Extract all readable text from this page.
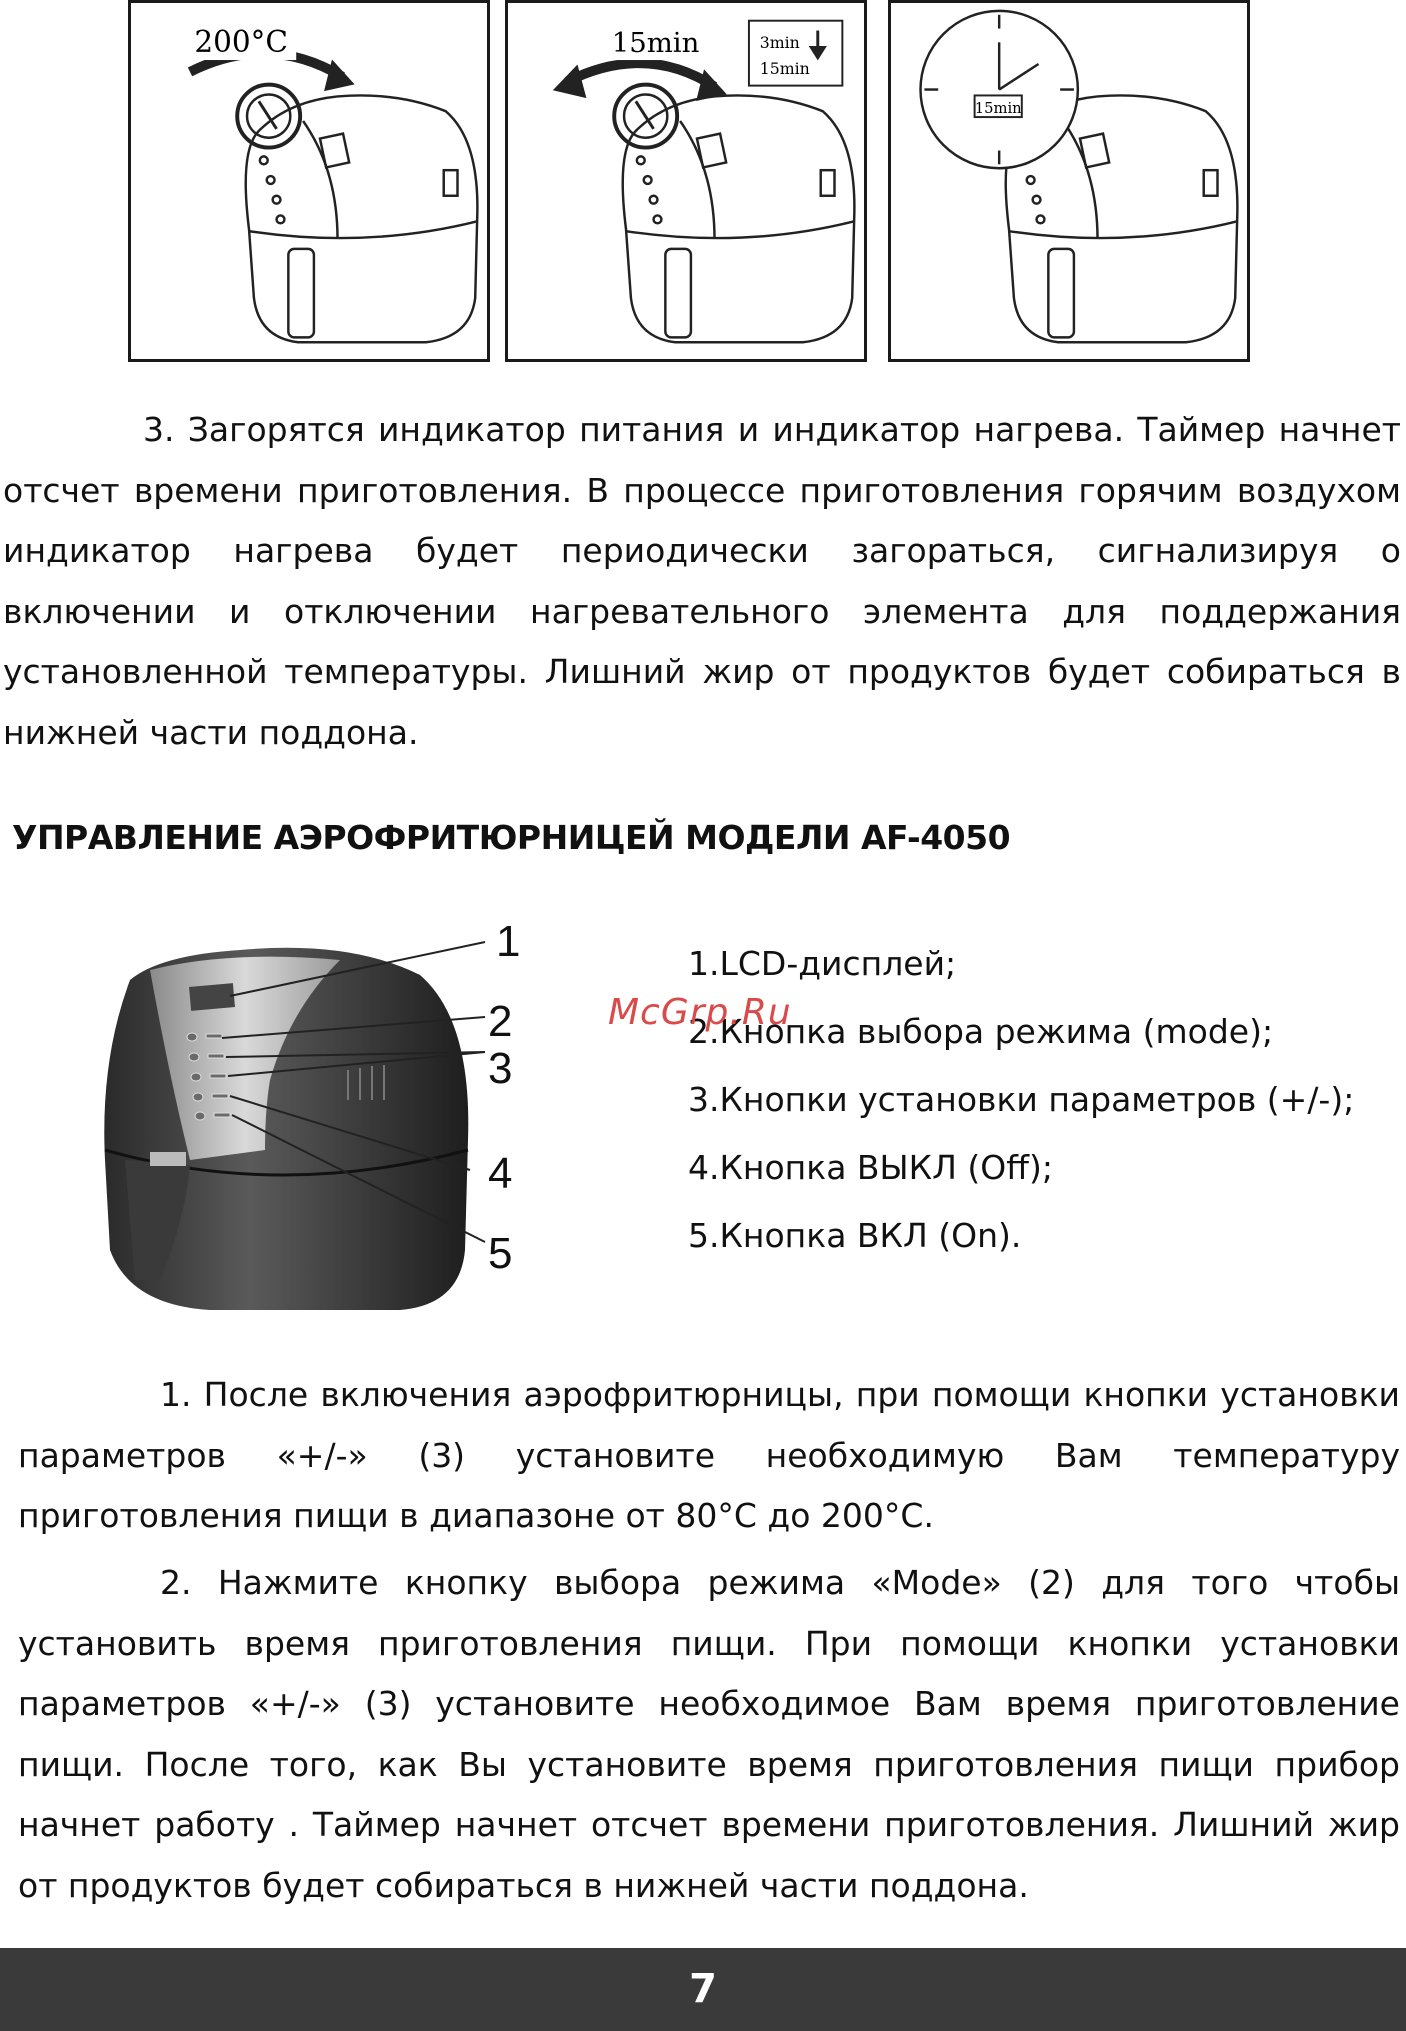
200°C	15min	3min
15min
15min

3. Загорятся индикатор питания и индикатор нагрева. Таймер начнет отсчет времени приготовления. В процессе приготовления горячим воздухом индикатор нагрева будет периодически загораться, сигнализируя о включении и отключении нагревательного элемента для поддержания установленной температуры. Лишний жир от продуктов будет собираться в нижней части поддона.

УПРАВЛЕНИЕ АЭРОФРИТЮРНИЦЕЙ МОДЕЛИ AF-4050
1
2
3
4
5
1.LCD-дисплей;
2.Кнопка выбора режима (mode);
3.Кнопки установки параметров (+/-);
4.Кнопка ВЫКЛ (Off);
5.Кнопка ВКЛ (On).
McGrp.Ru

1. После включения аэрофритюрницы, при помощи кнопки установки параметров «+/-» (3) установите необходимую Вам температуру приготовления пищи в диапазоне от 80°С до 200°С.

2. Нажмите кнопку выбора режима «Mode» (2) для того чтобы установить время приготовления пищи. При помощи кнопки установки параметров «+/-» (3) установите необходимое Вам время приготовление пищи. После того, как Вы установите время приготовления пищи прибор начнет работу . Таймер начнет отсчет времени приготовления. Лишний жир от продуктов будет собираться в нижней части поддона.

7
